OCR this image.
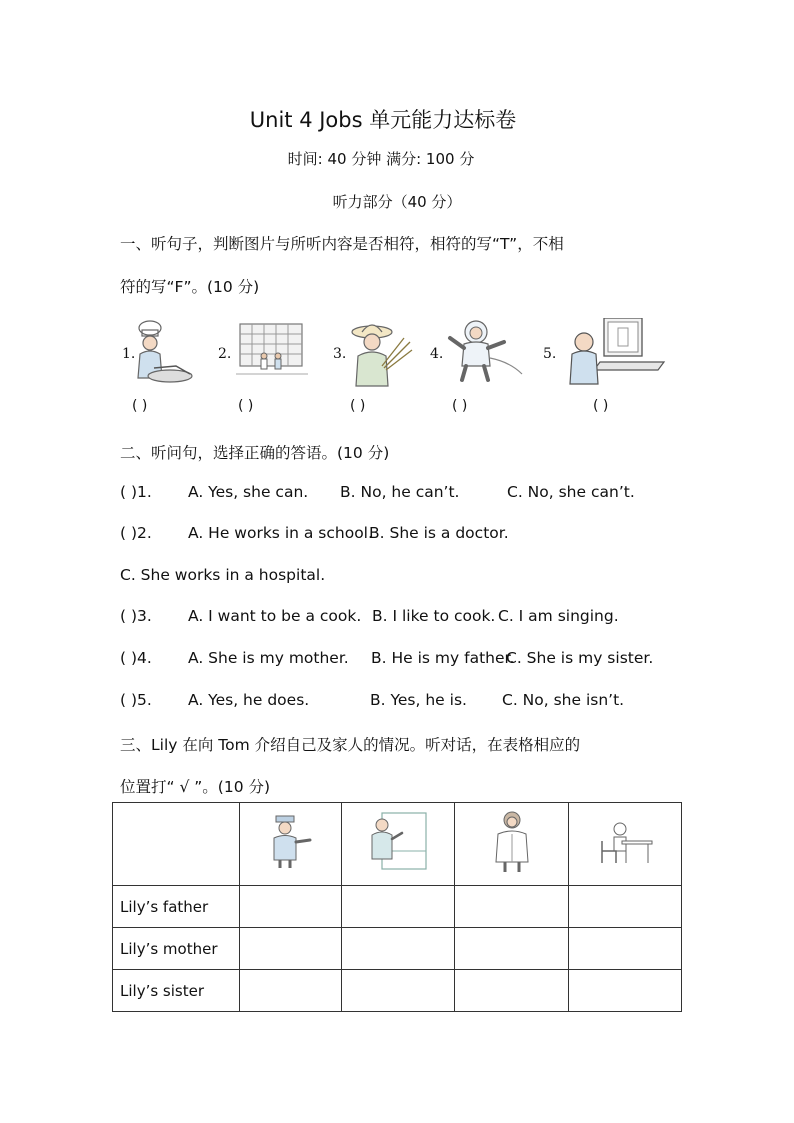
Unit 4 Jobs 单元能力达标卷
时间: 40 分钟 满分: 100 分
听力部分（40 分）
一、听句子，判断图片与所听内容是否相符，相符的写“T”，不相
符的写“F”。(10 分)
1.	2.	3.	4.	5.
( )	( )	( )	( )	( )
二、听问句，选择正确的答语。(10 分)
( )1. A. Yes, she can. B. No, he can’t.	C. No, she can’t.
( )2. A. He works in a school.
B. She is a doctor.
C. She works in a hospital.
( )3. A. I want to be a cook. B. I like to cook. C. I am singing.
( )4. A. She is my mother. B. He is my father.
C. She is my sister.
( )5. A. Yes, he does.	B. Yes, he is. C. No, she isn’t.
三、Lily 在向 Tom 介绍自己及家人的情况。听对话，在表格相应的
位置打“ √ ”。(10 分)

Lily’s father				
Lily’s mother				
Lily’s sister				
